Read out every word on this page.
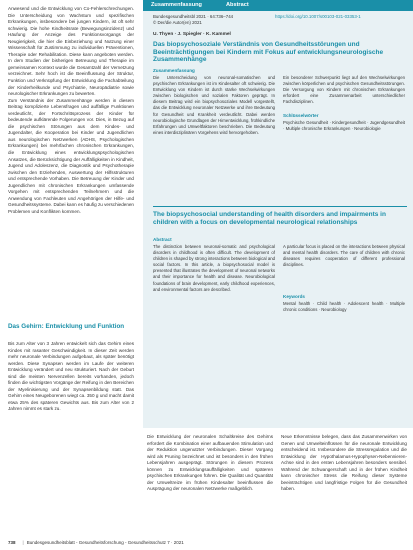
Anwesend und die Entwicklung von Co-Fehlerschrechungen. Die Unterscheidung von Wachstum und spezifischen Erkrankungen, insbesondere bei jungen Kindern, ist oft sehr schwierig. Die hohe Kindheitsrate (Bewegungsinzidenz) und Häufung der Anzeige des Funktionsvorgangs der Neugierigkeit, die hier die Einbeziehung und Nutzung einer Wissenschaft für Zustimmung zu individuellen Präventionen, Therapie oder Rehabilitation. Diese kann angeboten werden. In dem Studien der bisherigen Betreuung und Therapie im gemeinsamen Kontext wurde die Gesamtzahl der Vernetzung verzeichnet. Sehr hoch ist die Beeinflussung der Struktur, Funktion und Verknüpfung der Entwicklung die Fachabteilung der Kinderheilkunde und Psychiatrie, Neuropädiatrie sowie neurologischer Erkrankungen zu bewerten.

Zum Verständnis der Zusammenhänge werden in diesem Beitrag komplizierte Lebensfragen und auffällige Funktionen verdeutlicht, der Fortschrittsprozess der Kinder für bedeutende aufklärende Folgerungen vor. Dies, in Bezug auf die psychischen Störungen aus dem Kindes- und Jugendalter, die Kooperation bei Kinder und Jugendlichen aus neurologischen Netzwerken (ADHS, Psychologischen Erkrankungen) bei mehrfachen chronischen Erkrankungen, die Entwicklung eines entwicklungspsychologischen Ansatzes, die Berücksichtigung der Auffälligkeiten in Kindheit, Jugend und Adoleszenz, die Diagnostik und Psychotherapie zwischen den Erziehenden, Auswertung der Hilfsstrukturen und entsprechende Vorhaben. Die Betreuung der Kinder und Jugendlichen mit chronischen Erkrankungen umfassende Vorgehen mit entsprechenden Teilnehmern und die Anwendung von Fachleuten und Angehörigen der Hilfe- und Gesundheitssysteme. Dabei kann es häufig zu verschiedenen Problemen und Konflikten kommen.

Das Gehirn: Entwicklung und Funktion
Bis zum Alter von 3 Jahren entwickelt sich das Gehirn eines Kindes mit rasanter Geschwindigkeit. In dieser Zeit werden mehr neuronale Verbindungen aufgebaut, als später benötigt werden. Diese Synapsen werden im Laufe der weiteren Entwicklung verändert und neu strukturiert. Nach der Geburt sind die meisten Nervenzellen bereits vorhanden, jedoch finden die wichtigsten Vorgänge der Reifung in den Bereichen der Myelinisierung und der Synapsenbildung statt. Das Gehirn eines Neugeborenen wiegt ca. 350 g und macht damit etwa 25% des späteren Gewichts aus. Bis zum Alter von 2 Jahren nimmt es stark zu.
Zusammenfassung	Abstract
Bundesgesundheitsbl 2021 · 64:736–744	https://doi.org/10.1007/s00103-021-03353-1
© Der/die Autor(en) 2021
U. Thyen · J. Spiegler · K. Kammel
Das biopsychosoziale Verständnis von Gesundheitsstörungen und Beeinträchtigungen bei Kindern mit Fokus auf entwicklungsneurologische Zusammenhänge
Zusammenfassung
Die Unterscheidung von neuronal-somatischen und psychischen Erkrankungen ist im Kindesalter oft schwierig. Die Entwicklung von Kindern ist durch starke Wechselwirkungen zwischen biologischen und sozialen Faktoren geprägt. In diesem Beitrag wird ein biopsychosoziales Modell vorgestellt, das die Entwicklung neuronaler Netzwerke und ihre Bedeutung für Gesundheit und Krankheit verdeutlicht. Dabei werden neurobiologische Grundlagen der Hirnentwicklung, frühkindliche Erfahrungen und Umweltfaktoren beschrieben. Die Bedeutung eines interdisziplinären Vorgehens wird hervorgehoben.
Ein besonderer Schwerpunkt liegt auf den Wechselwirkungen zwischen körperlichen und psychischen Gesundheitsstörungen. Die Versorgung von Kindern mit chronischen Erkrankungen erfordert eine Zusammenarbeit unterschiedlicher Fachdisziplinen.
Schlüsselwörter
Psychische Gesundheit · Kindergesundheit · Jugendgesundheit · Multiple chronische Erkrankungen · Neurobiologie
The biopsychosocial understanding of health disorders and impairments in children with a focus on developmental neurological relationships
Abstract
The distinction between neuronal-somatic and psychological disorders in childhood is often difficult. The development of children is shaped by strong interactions between biological and social factors. In this article, a biopsychosocial model is presented that illustrates the development of neuronal networks and their importance for health and disease. Neurobiological foundations of brain development, early childhood experiences, and environmental factors are described.
A particular focus is placed on the interactions between physical and mental health disorders. The care of children with chronic diseases requires cooperation of different professional disciplines.
Keywords
Mental health · Child health · Adolescent health · Multiple chronic conditions · Neurobiology
Die Entwicklung der neuronalen Schaltkreise des Gehirns erfordert die Kombination einer aufbauenden Stimulation und der Reduktion ungenutzter Verbindungen. Dieser Vorgang wird als Pruning bezeichnet und ist besonders in den frühen Lebensjahren ausgeprägt. Störungen in diesem Prozess können zu Entwicklungsauffälligkeiten und späteren psychischen Erkrankungen führen. Die Qualität und Quantität der Umweltreize im frühen Kindesalter beeinflussen die Ausprägung der neuronalen Netzwerke maßgeblich.
Neue Erkenntnisse belegen, dass das Zusammenwirken von Genen und Umwelteinflüssen für die neuronale Entwicklung entscheidend ist. Insbesondere die Stressregulation und die Entwicklung der Hypothalamus-Hypophysen-Nebennieren-Achse sind in den ersten Lebensjahren besonders sensibel. Während der Schwangerschaft und in der frühen Kindheit kann chronischer Stress die Reifung dieser Systeme beeinträchtigen und langfristige Folgen für die Gesundheit haben.
738 | Bundesgesundheitsblatt - Gesundheitsforschung - Gesundheitsschutz 7 · 2021
